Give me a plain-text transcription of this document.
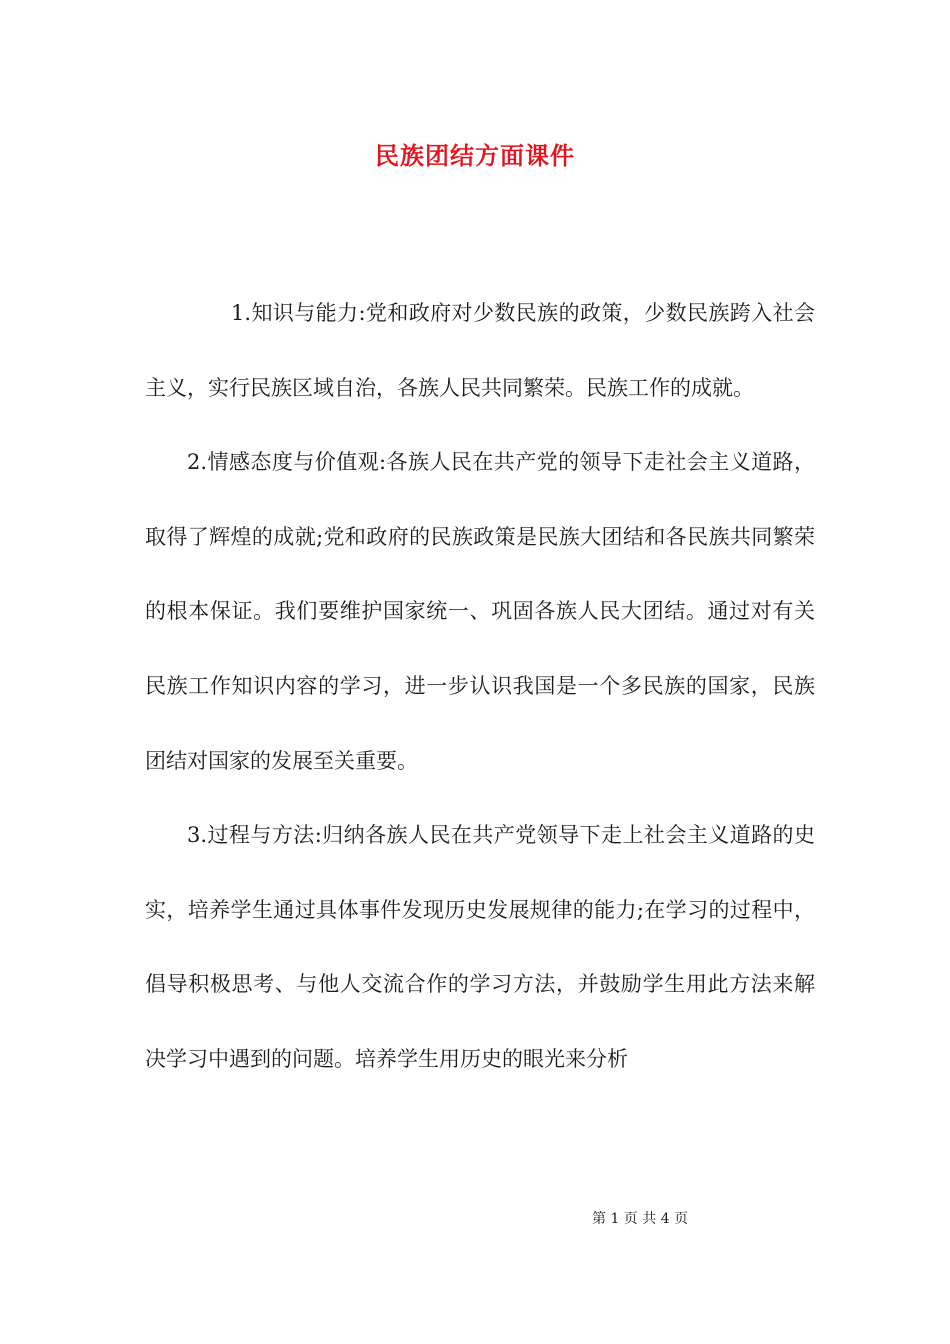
民族团结方面课件

1.知识与能力:党和政府对少数民族的政策，少数民族跨入社会主义，实行民族区域自治，各族人民共同繁荣。民族工作的成就。

2.情感态度与价值观:各族人民在共产党的领导下走社会主义道路，取得了辉煌的成就;党和政府的民族政策是民族大团结和各民族共同繁荣的根本保证。我们要维护国家统一、巩固各族人民大团结。通过对有关民族工作知识内容的学习，进一步认识我国是一个多民族的国家，民族团结对国家的发展至关重要。

3.过程与方法:归纳各族人民在共产党领导下走上社会主义道路的史实，培养学生通过具体事件发现历史发展规律的能力;在学习的过程中，倡导积极思考、与他人交流合作的学习方法，并鼓励学生用此方法来解决学习中遇到的问题。培养学生用历史的眼光来分析

第 1 页 共 4 页
